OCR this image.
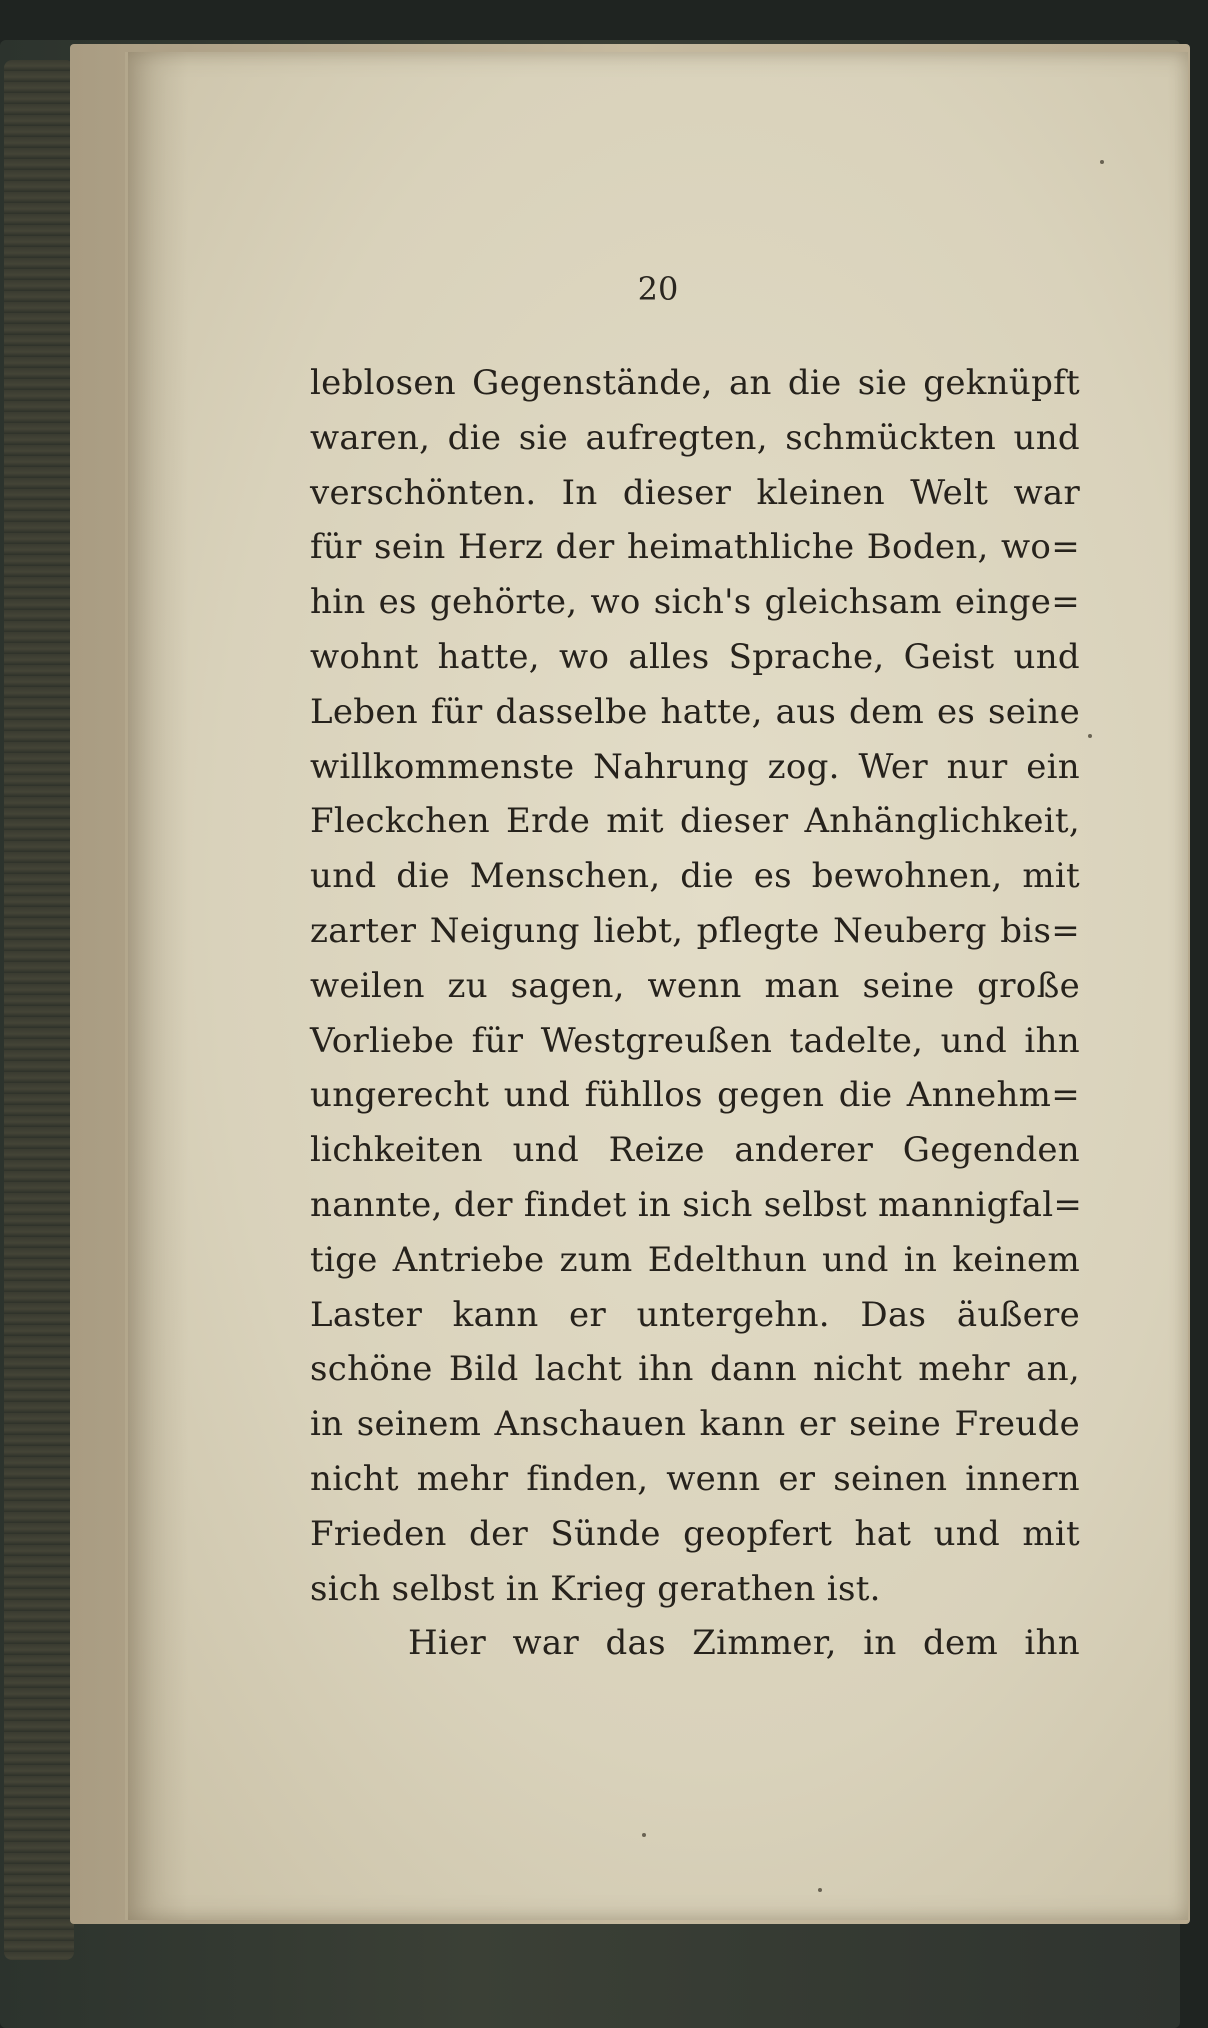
20
leblosen Gegenstände, an die sie geknüpft
waren, die sie aufregten, schmückten und
verschönten. In dieser kleinen Welt war
für sein Herz der heimathliche Boden, wo=
hin es gehörte, wo sich's gleichsam einge=
wohnt hatte, wo alles Sprache, Geist und
Leben für dasselbe hatte, aus dem es seine
willkommenste Nahrung zog. Wer nur ein
Fleckchen Erde mit dieser Anhänglichkeit,
und die Menschen, die es bewohnen, mit
zarter Neigung liebt, pflegte Neuberg bis=
weilen zu sagen, wenn man seine große
Vorliebe für Westgreußen tadelte, und ihn
ungerecht und fühllos gegen die Annehm=
lichkeiten und Reize anderer Gegenden
nannte, der findet in sich selbst mannigfal=
tige Antriebe zum Edelthun und in keinem
Laster kann er untergehn. Das äußere
schöne Bild lacht ihn dann nicht mehr an,
in seinem Anschauen kann er seine Freude
nicht mehr finden, wenn er seinen innern
Frieden der Sünde geopfert hat und mit
sich selbst in Krieg gerathen ist.
Hier war das Zimmer, in dem ihn
